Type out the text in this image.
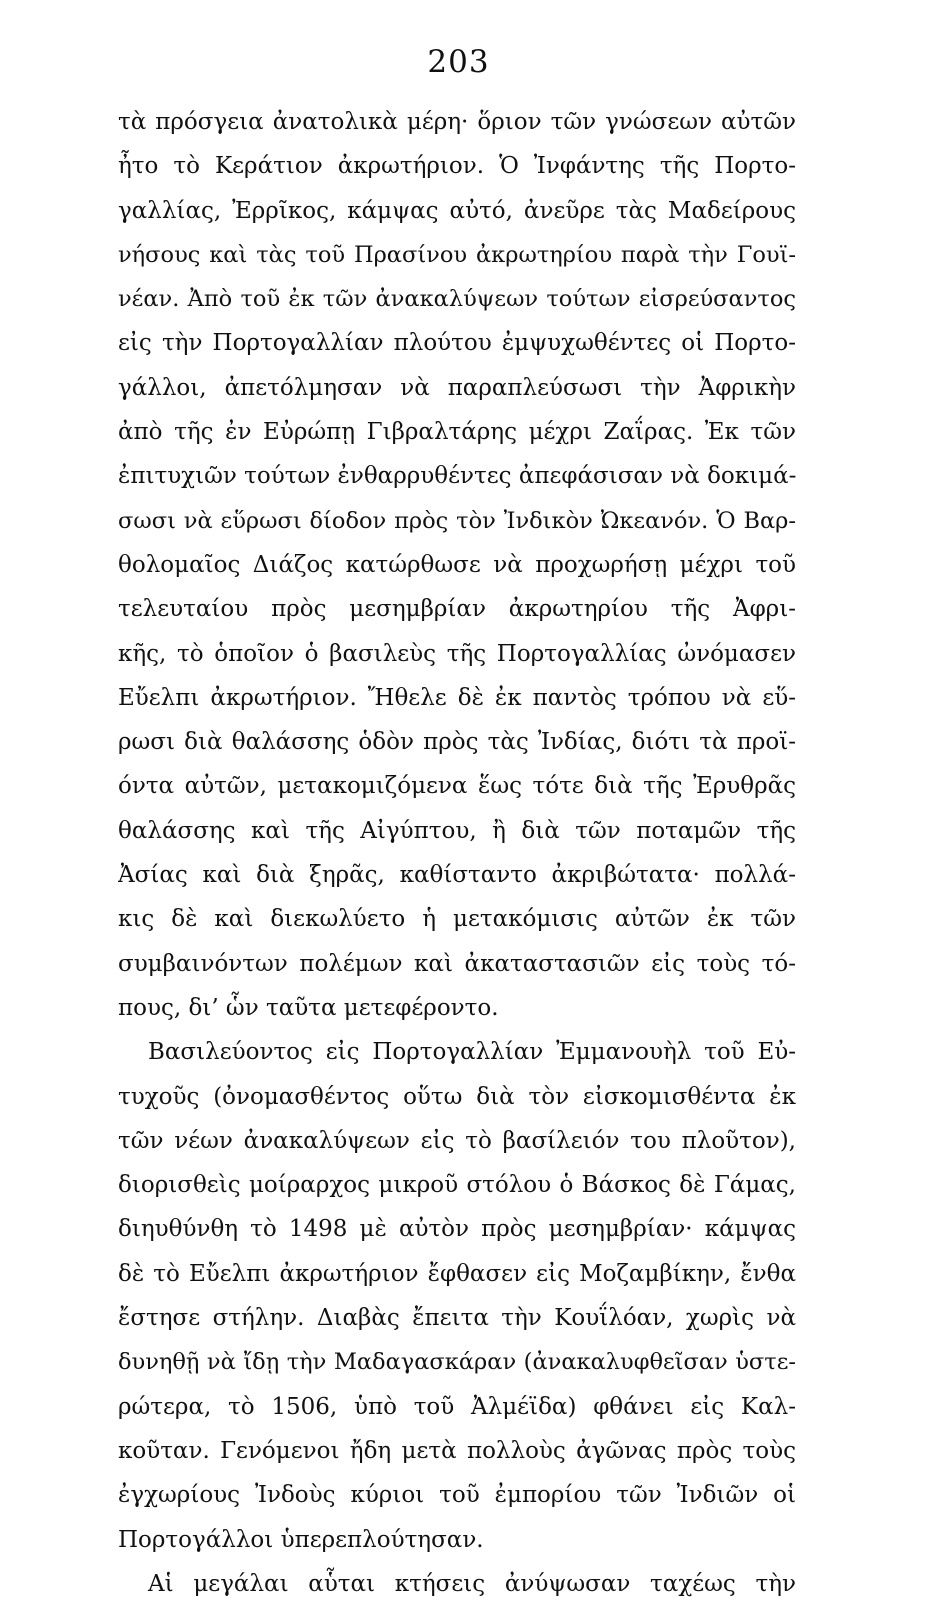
203
τὰ πρόσγεια ἀνατολικὰ μέρη· ὅριον τῶν γνώσεων αὐτῶν
ἦτο τὸ Κεράτιον ἀκρωτήριον. Ὁ Ἰνφάντης τῆς Πορτο-
γαλλίας, Ἐρρῖκος, κάμψας αὐτό, ἀνεῦρε τὰς Μαδείρους
νήσους καὶ τὰς τοῦ Πρασίνου ἀκρωτηρίου παρὰ τὴν Γουϊ-
νέαν. Ἀπὸ τοῦ ἐκ τῶν ἀνακαλύψεων τούτων εἰσρεύσαντος
εἰς τὴν Πορτογαλλίαν πλούτου ἐμψυχωθέντες οἱ Πορτο-
γάλλοι, ἀπετόλμησαν νὰ παραπλεύσωσι τὴν Ἀφρικὴν
ἀπὸ τῆς ἐν Εὐρώπῃ Γιβραλτάρης μέχρι Ζαΐρας. Ἐκ τῶν
ἐπιτυχιῶν τούτων ἐνθαρρυθέντες ἀπεφάσισαν νὰ δοκιμά-
σωσι νὰ εὕρωσι δίοδον πρὸς τὸν Ἰνδικὸν Ὠκεανόν. Ὁ Βαρ-
θολομαῖος Διάζος κατώρθωσε νὰ προχωρήσῃ μέχρι τοῦ
τελευταίου πρὸς μεσημβρίαν ἀκρωτηρίου τῆς Ἀφρι-
κῆς, τὸ ὁποῖον ὁ βασιλεὺς τῆς Πορτογαλλίας ὠνόμασεν
Εὔελπι ἀκρωτήριον. Ἤθελε δὲ ἐκ παντὸς τρόπου νὰ εὕ-
ρωσι διὰ θαλάσσης ὁδὸν πρὸς τὰς Ἰνδίας, διότι τὰ προϊ-
όντα αὐτῶν, μετακομιζόμενα ἕως τότε διὰ τῆς Ἐρυθρᾶς
θαλάσσης καὶ τῆς Αἰγύπτου, ἢ διὰ τῶν ποταμῶν τῆς
Ἀσίας καὶ διὰ ξηρᾶς, καθίσταντο ἀκριβώτατα· πολλά-
κις δὲ καὶ διεκωλύετο ἡ μετακόμισις αὐτῶν ἐκ τῶν
συμβαινόντων πολέμων καὶ ἀκαταστασιῶν εἰς τοὺς τό-
πους, δι’ ὧν ταῦτα μετεφέροντο.
Βασιλεύοντος εἰς Πορτογαλλίαν Ἐμμανουὴλ τοῦ Εὐ-
τυχοῦς (ὀνομασθέντος οὕτω διὰ τὸν εἰσκομισθέντα ἐκ
τῶν νέων ἀνακαλύψεων εἰς τὸ βασίλειόν του πλοῦτον),
διορισθεὶς μοίραρχος μικροῦ στόλου ὁ Βάσκος δὲ Γάμας,
διηυθύνθη τὸ 1498 μὲ αὐτὸν πρὸς μεσημβρίαν· κάμψας
δὲ τὸ Εὔελπι ἀκρωτήριον ἔφθασεν εἰς Μοζαμβίκην, ἔνθα
ἔστησε στήλην. Διαβὰς ἔπειτα τὴν Κουΐλόαν, χωρὶς νὰ
δυνηθῇ νὰ ἴδῃ τὴν Μαδαγασκάραν (ἀνακαλυφθεῖσαν ὑστε-
ρώτερα, τὸ 1506, ὑπὸ τοῦ Ἀλμέϊδα) φθάνει εἰς Καλ-
κοῦταν. Γενόμενοι ἤδη μετὰ πολλοὺς ἀγῶνας πρὸς τοὺς
ἐγχωρίους Ἰνδοὺς κύριοι τοῦ ἐμπορίου τῶν Ἰνδιῶν οἱ
Πορτογάλλοι ὑπερεπλούτησαν.
Αἱ μεγάλαι αὗται κτήσεις ἀνύψωσαν ταχέως τὴν
